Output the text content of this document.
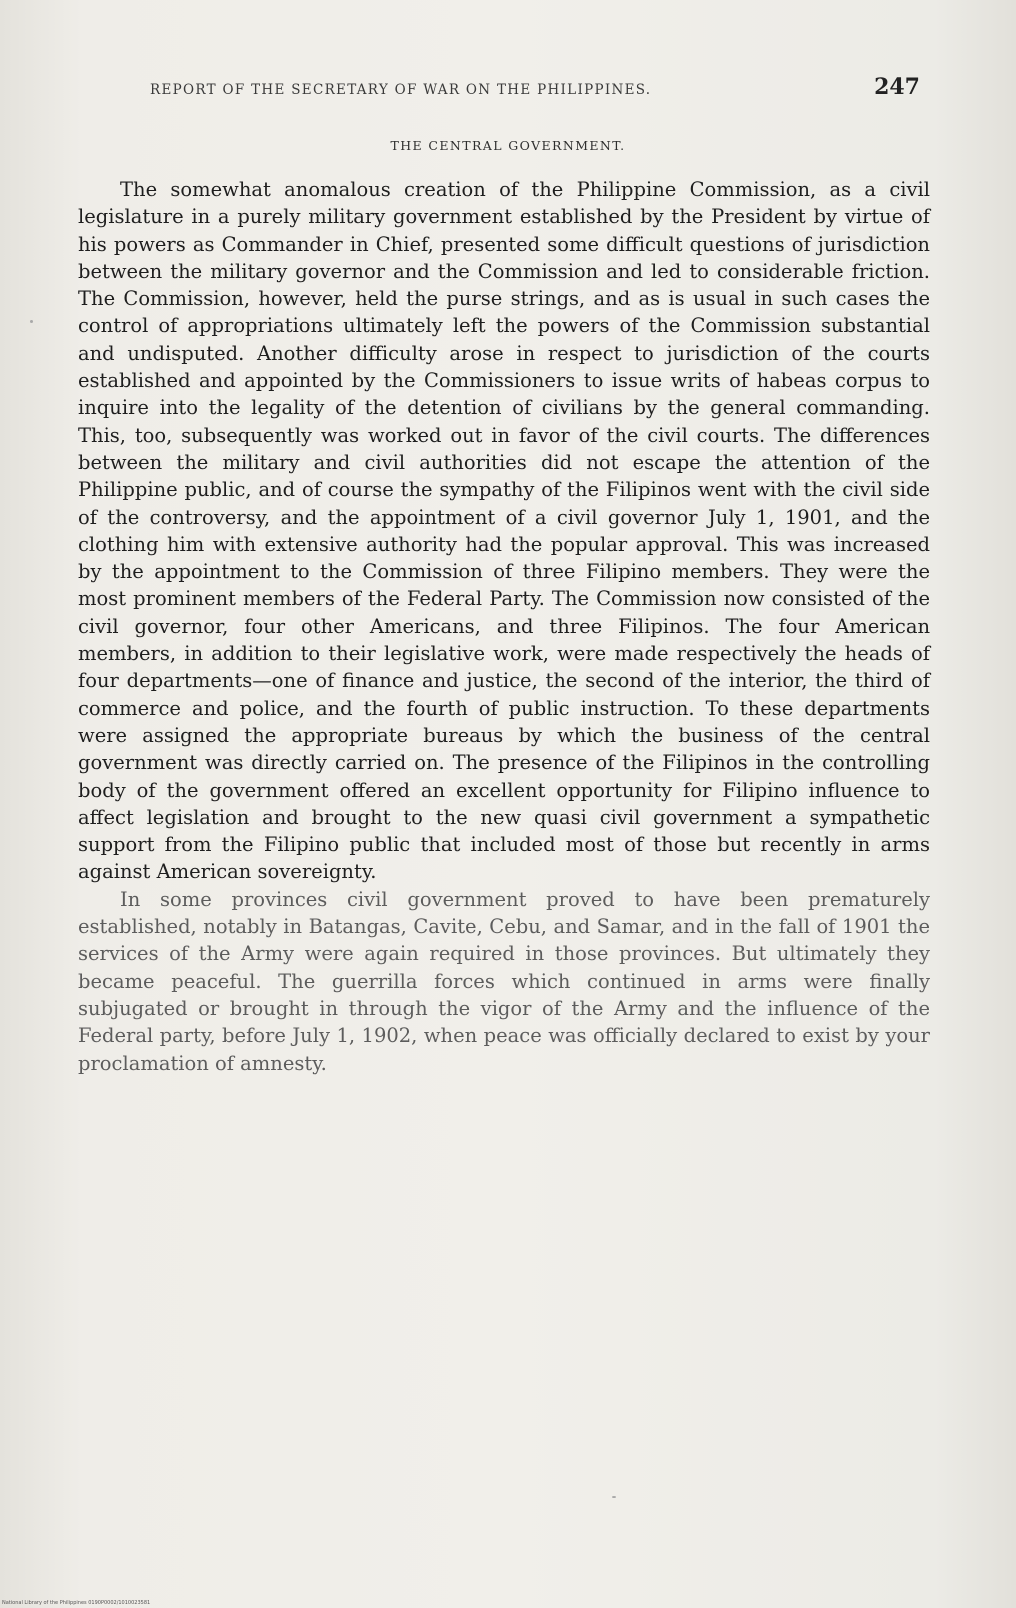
REPORT OF THE SECRETARY OF WAR ON THE PHILIPPINES.	247
THE CENTRAL GOVERNMENT.

The somewhat anomalous creation of the Philippine Commission, as a civil legislature in a purely military government established by the President by virtue of his powers as Commander in Chief, presented some difficult questions of jurisdiction between the military governor and the Commission and led to considerable friction. The Commission, however, held the purse strings, and as is usual in such cases the control of appropriations ultimately left the powers of the Commission substantial and undisputed. Another difficulty arose in respect to jurisdiction of the courts established and appointed by the Commissioners to issue writs of habeas corpus to inquire into the legality of the detention of civilians by the general commanding. This, too, subsequently was worked out in favor of the civil courts. The differences between the military and civil authorities did not escape the attention of the Philippine public, and of course the sympathy of the Filipinos went with the civil side of the controversy, and the appointment of a civil governor July 1, 1901, and the clothing him with extensive authority had the popular approval. This was increased by the appointment to the Commission of three Filipino members. They were the most prominent members of the Federal Party. The Commission now consisted of the civil governor, four other Americans, and three Filipinos. The four American members, in addition to their legislative work, were made respectively the heads of four departments—one of finance and justice, the second of the interior, the third of commerce and police, and the fourth of public instruction. To these departments were assigned the appropriate bureaus by which the business of the central government was directly carried on. The presence of the Filipinos in the controlling body of the government offered an excellent opportunity for Filipino influence to affect legislation and brought to the new quasi civil government a sympathetic support from the Filipino public that included most of those but recently in arms against American sovereignty.

In some provinces civil government proved to have been prematurely established, notably in Batangas, Cavite, Cebu, and Samar, and in the fall of 1901 the services of the Army were again required in those provinces. But ultimately they became peaceful. The guerrilla forces which continued in arms were finally subjugated or brought in through the vigor of the Army and the influence of the Federal party, before July 1, 1902, when peace was officially declared to exist by your proclamation of amnesty.

National Library of the Philippines 0190P0002/1010023581
